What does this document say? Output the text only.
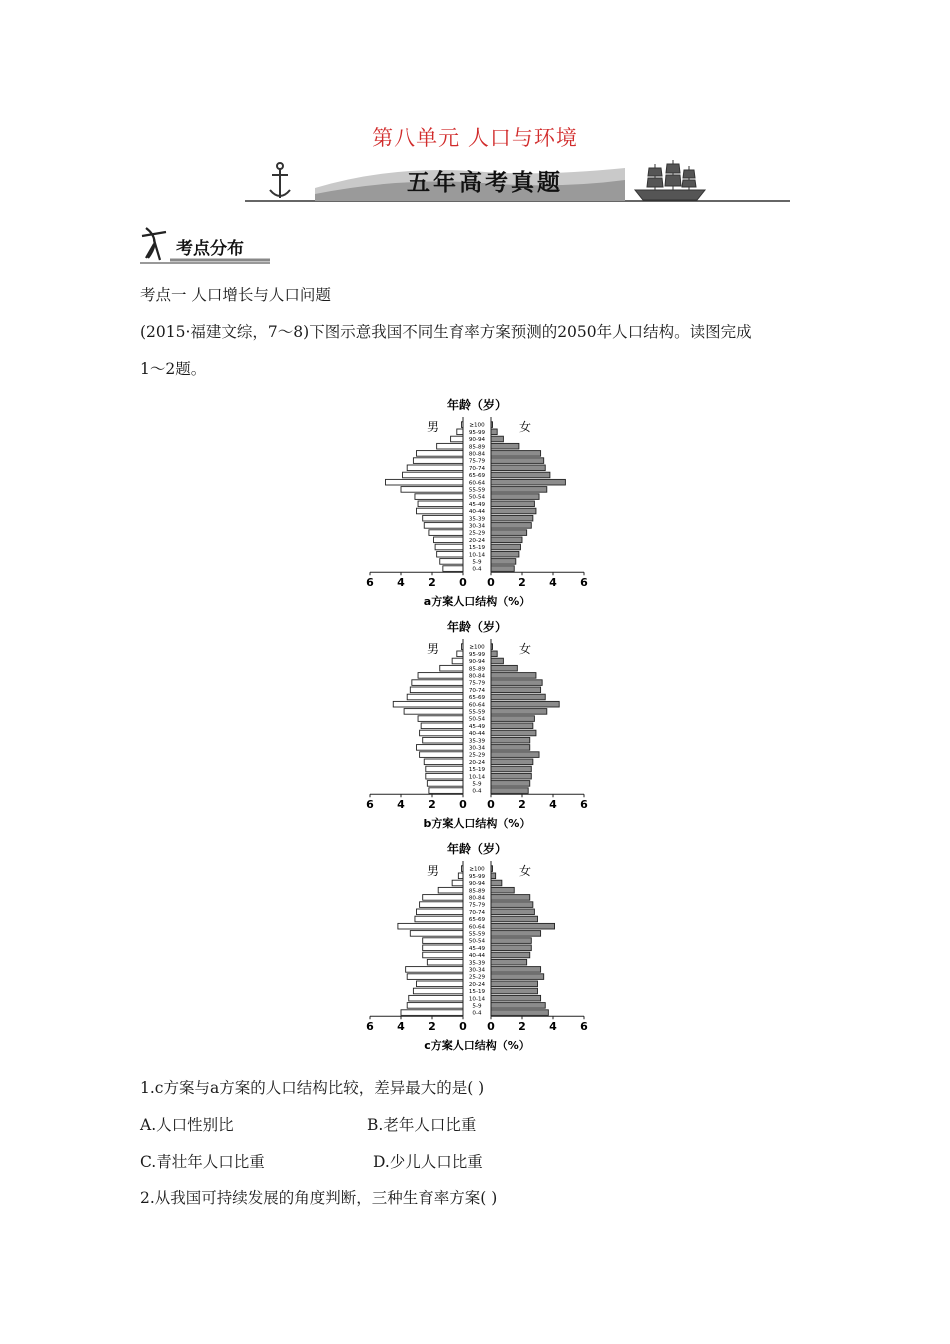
第八单元 人口与环境
五年高考真题
考点分布
考点一 人口增长与人口问题
(2015·福建文综，7～8)下图示意我国不同生育率方案预测的2050年人口结构。读图完成
1～2题。
年龄（岁）
男	女
0-4
5-9
10-14
15-19
20-24
25-29
30-34
35-39
40-44
45-49
50-54
55-59
60-64
65-69
70-74
75-79
80-84
85-89
90-94
95-99
≥100
6 4 2 0 0 2 4 6
a方案人口结构（%）
年龄（岁）
男	女
0-4
5-9
10-14
15-19
20-24
25-29
30-34
35-39
40-44
45-49
50-54
55-59
60-64
65-69
70-74
75-79
80-84
85-89
90-94
95-99
≥100
6 4 2 0 0 2 4 6
b方案人口结构（%）
年龄（岁）
男	女
0-4
5-9
10-14
15-19
20-24
25-29
30-34
35-39
40-44
45-49
50-54
55-59
60-64
65-69
70-74
75-79
80-84
85-89
90-94
95-99
≥100
6 4 2 0 0 2 4 6
c方案人口结构（%）
1.c方案与a方案的人口结构比较，差异最大的是( )
A.人口性别比	B.老年人口比重
C.青壮年人口比重	D.少儿人口比重
2.从我国可持续发展的角度判断，三种生育率方案( )
